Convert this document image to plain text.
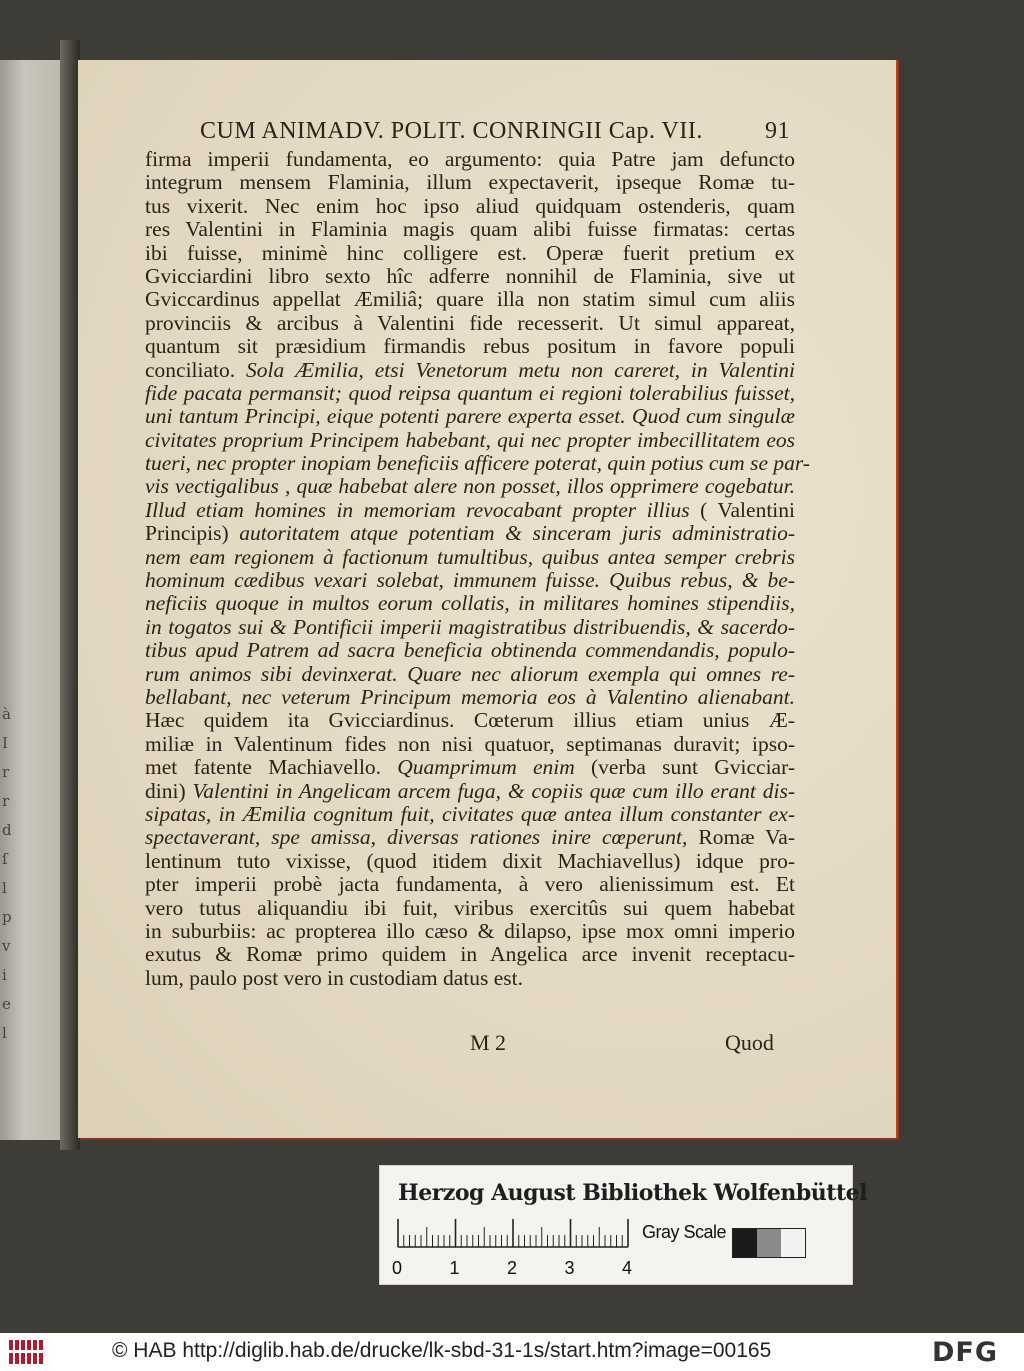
à
I
r
r
d
ſ
l
p
v
i
e
l
CUM ANIMADV. POLIT. CONRINGII Cap. VII.	91
firma imperii fundamenta, eo argumento: quia Patre jam defuncto
integrum mensem Flaminia, illum expectaverit, ipseque Romæ tu-
tus vixerit. Nec enim hoc ipso aliud quidquam ostenderis, quam
res Valentini in Flaminia magis quam alibi fuisse firmatas: certas
ibi fuisse, minimè hinc colligere est. Operæ fuerit pretium ex
Gvicciardini libro sexto hîc adferre nonnihil de Flaminia, sive ut
Gviccardinus appellat Æmiliâ; quare illa non statim simul cum aliis
provinciis & arcibus à Valentini fide recesserit. Ut simul appareat,
quantum sit præsidium firmandis rebus positum in favore populi
conciliato. Sola Æmilia, etsi Venetorum metu non careret, in Valentini
fide pacata permansit; quod reipsa quantum ei regioni tolerabilius fuisset,
uni tantum Principi, eique potenti parere experta esset. Quod cum singulæ
civitates proprium Principem habebant, qui nec propter imbecillitatem eos
tueri, nec propter inopiam beneficiis afficere poterat, quin potius cum se par-
vis vectigalibus , quæ habebat alere non posset, illos opprimere cogebatur.
Illud etiam homines in memoriam revocabant propter illius ( Valentini
Principis) autoritatem atque potentiam & sinceram juris administratio-
nem eam regionem à factionum tumultibus, quibus antea semper crebris
hominum cædibus vexari solebat, immunem fuisse. Quibus rebus, & be-
neficiis quoque in multos eorum collatis, in militares homines stipendiis,
in togatos sui & Pontificii imperii magistratibus distribuendis, & sacerdo-
tibus apud Patrem ad sacra beneficia obtinenda commendandis, populo-
rum animos sibi devinxerat. Quare nec aliorum exempla qui omnes re-
bellabant, nec veterum Principum memoria eos à Valentino alienabant.
Hæc quidem ita Gvicciardinus. Cœterum illius etiam unius Æ-
miliæ in Valentinum fides non nisi quatuor, septimanas duravit; ipso-
met fatente Machiavello. Quamprimum enim (verba sunt Gvicciar-
dini) Valentini in Angelicam arcem fuga, & copiis quæ cum illo erant dis-
sipatas, in Æmilia cognitum fuit, civitates quæ antea illum constanter ex-
spectaverant, spe amissa, diversas rationes inire cœperunt, Romæ Va-
lentinum tuto vixisse, (quod itidem dixit Machiavellus) idque pro-
pter imperii probè jacta fundamenta, à vero alienissimum est. Et
vero tutus aliquandiu ibi fuit, viribus exercitûs sui quem habebat
in suburbiis: ac propterea illo cæso & dilapso, ipse mox omni imperio
exutus & Romæ primo quidem in Angelica arce invenit receptacu-
lum, paulo post vero in custodiam datus est.
M 2	Quod
Herzog August Bibliothek Wolfenbüttel
0	1	2	3	4
Gray Scale
© HAB http://diglib.hab.de/drucke/lk-sbd-31-1s/start.htm?image=00165	DFG
